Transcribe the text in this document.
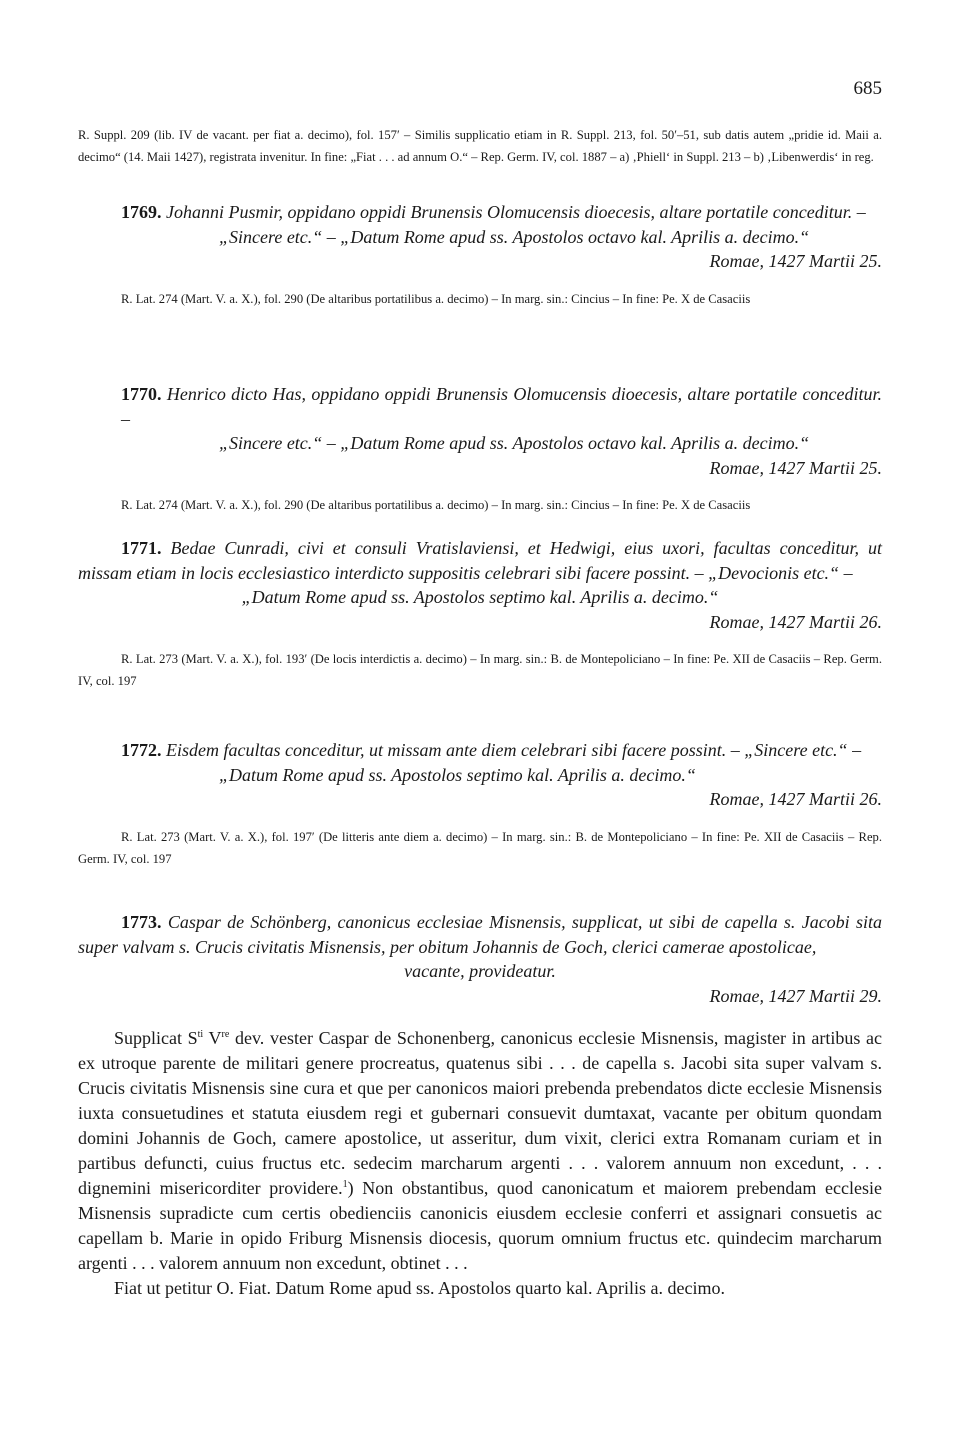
685
R. Suppl. 209 (lib. IV de vacant. per fiat a. decimo), fol. 157′ – Similis supplicatio etiam in R. Suppl. 213, fol. 50′–51, sub datis autem „pridie id. Maii a. decimo“ (14. Maii 1427), registrata invenitur. In fine: „Fiat . . . ad annum O.“ – Rep. Germ. IV, col. 1887 – a) ‚Phiell‘ in Suppl. 213 – b) ‚Libenwerdis‘ in reg.
1769. Johanni Pusmir, oppidano oppidi Brunensis Olomucensis dioecesis, altare portatile conceditur. –
„Sincere etc.“ – „Datum Rome apud ss. Apostolos octavo kal. Aprilis a. decimo.“
Romae, 1427 Martii 25.
R. Lat. 274 (Mart. V. a. X.), fol. 290 (De altaribus portatilibus a. decimo) – In marg. sin.: Cincius – In fine: Pe. X de Casaciis
1770. Henrico dicto Has, oppidano oppidi Brunensis Olomucensis dioecesis, altare portatile conceditur. –
„Sincere etc.“ – „Datum Rome apud ss. Apostolos octavo kal. Aprilis a. decimo.“
Romae, 1427 Martii 25.
R. Lat. 274 (Mart. V. a. X.), fol. 290 (De altaribus portatilibus a. decimo) – In marg. sin.: Cincius – In fine: Pe. X de Casaciis
1771. Bedae Cunradi, civi et consuli Vratislaviensi, et Hedwigi, eius uxori, facultas conceditur, ut missam etiam in locis ecclesiastico interdicto suppositis celebrari sibi facere possint. – „Devocionis etc.“ –
„Datum Rome apud ss. Apostolos septimo kal. Aprilis a. decimo.“
Romae, 1427 Martii 26.
R. Lat. 273 (Mart. V. a. X.), fol. 193′ (De locis interdictis a. decimo) – In marg. sin.: B. de Montepoliciano – In fine: Pe. XII de Casaciis – Rep. Germ. IV, col. 197
1772. Eisdem facultas conceditur, ut missam ante diem celebrari sibi facere possint. – „Sincere etc.“ –
„Datum Rome apud ss. Apostolos septimo kal. Aprilis a. decimo.“
Romae, 1427 Martii 26.
R. Lat. 273 (Mart. V. a. X.), fol. 197′ (De litteris ante diem a. decimo) – In marg. sin.: B. de Montepoliciano – In fine: Pe. XII de Casaciis – Rep. Germ. IV, col. 197
1773. Caspar de Schönberg, canonicus ecclesiae Misnensis, supplicat, ut sibi de capella s. Jacobi sita super valvam s. Crucis civitatis Misnensis, per obitum Johannis de Goch, clerici camerae apostolicae,
vacante, provideatur.
Romae, 1427 Martii 29.

Supplicat $S^{ti}$ Vre dev. vester Caspar de Schonenberg, canonicus ecclesie Misnensis, magister in artibus ac ex utroque parente de militari genere procreatus, quatenus sibi . . . de capella s. Jacobi sita super valvam s. Crucis civitatis Misnensis sine cura et que per canonicos maiori prebenda prebendatos dicte ecclesie Misnensis iuxta consuetudines et statuta eiusdem regi et gubernari consuevit dumtaxat, vacante per obitum quondam domini Johannis de Goch, camere apostolice, ut asseritur, dum vixit, clerici extra Romanam curiam et in partibus defuncti, cuius fructus etc. sedecim marcharum argenti . . . valorem annuum non excedunt, . . . dignemini misericorditer providere.$^1$) Non obstantibus, quod canonicatum et maiorem prebendam ecclesie Misnensis supradicte cum certis obedienciis canonicis eiusdem ecclesie conferri et assignari consuetis ac capellam b. Marie in opido Friburg Misnensis diocesis, quorum omnium fructus etc. quindecim marcharum argenti . . . valorem annuum non excedunt, obtinet . . .

Fiat ut petitur O. Fiat. Datum Rome apud ss. Apostolos quarto kal. Aprilis a. decimo.
